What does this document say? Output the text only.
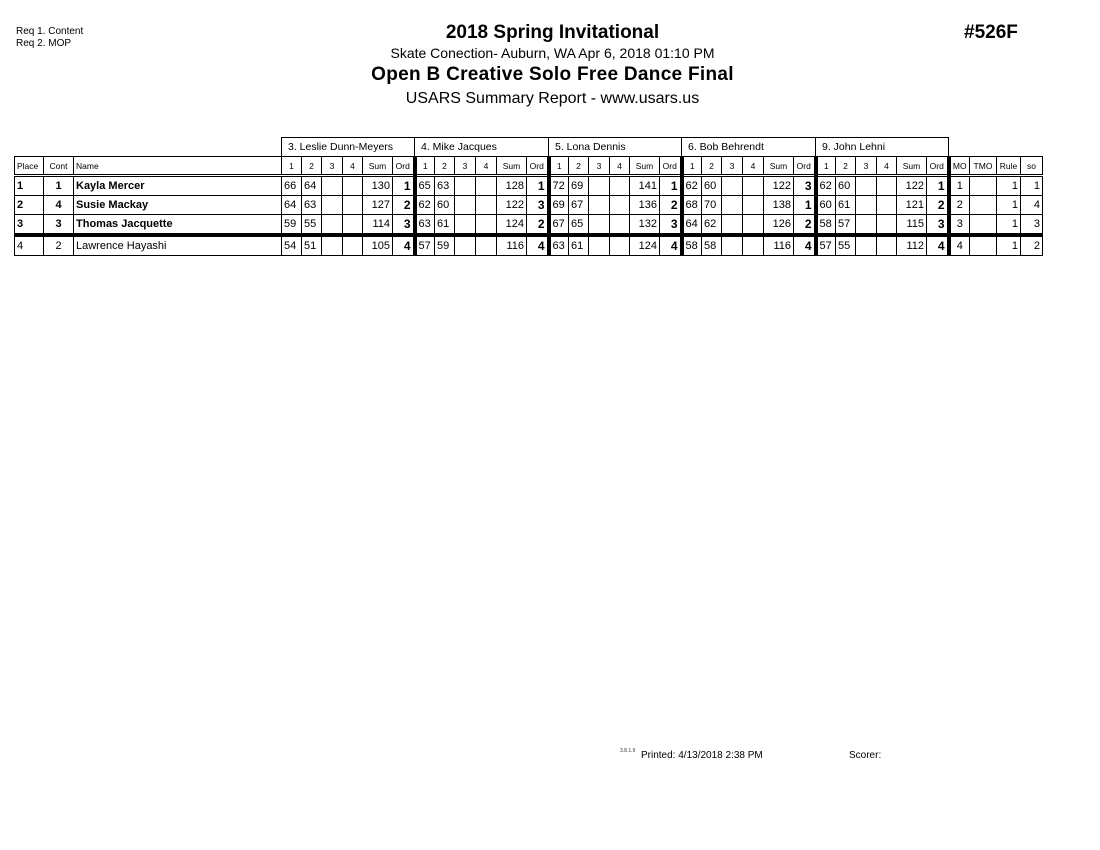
Req 1. Content
Req 2. MOP
2018 Spring Invitational
Skate Conection- Auburn, WA Apr 6, 2018 01:10 PM
Open B Creative Solo Free Dance Final
USARS Summary Report - www.usars.us
#526F
			3. Leslie Dunn-Meyers						4. Mike Jacques						5. Lona Dennis						6. Bob Behrendt						9. John Lehni									
Place	Cont	Name	1	2	3	4	Sum	Ord	1	2	3	4	Sum	Ord	1	2	3	4	Sum	Ord	1	2	3	4	Sum	Ord	1	2	3	4	Sum	Ord	MO	TMO	Rule	so
1	1	Kayla Mercer	66	64			130	1	65	63			128	1	72	69			141	1	62	60			122	3	62	60			122	1	1		1	1
2	4	Susie Mackay	64	63			127	2	62	60			122	3	69	67			136	2	68	70			138	1	60	61			121	2	2		1	4
3	3	Thomas Jacquette	59	55			114	3	63	61			124	2	67	65			132	3	64	62			126	2	58	57			115	3	3		1	3
4	2	Lawrence Hayashi	54	51			105	4	57	59			116	4	63	61			124	4	58	58			116	4	57	55			112	4	4		1	2
3.8.1.9 Printed: 4/13/2018 2:38 PM	Scorer:
